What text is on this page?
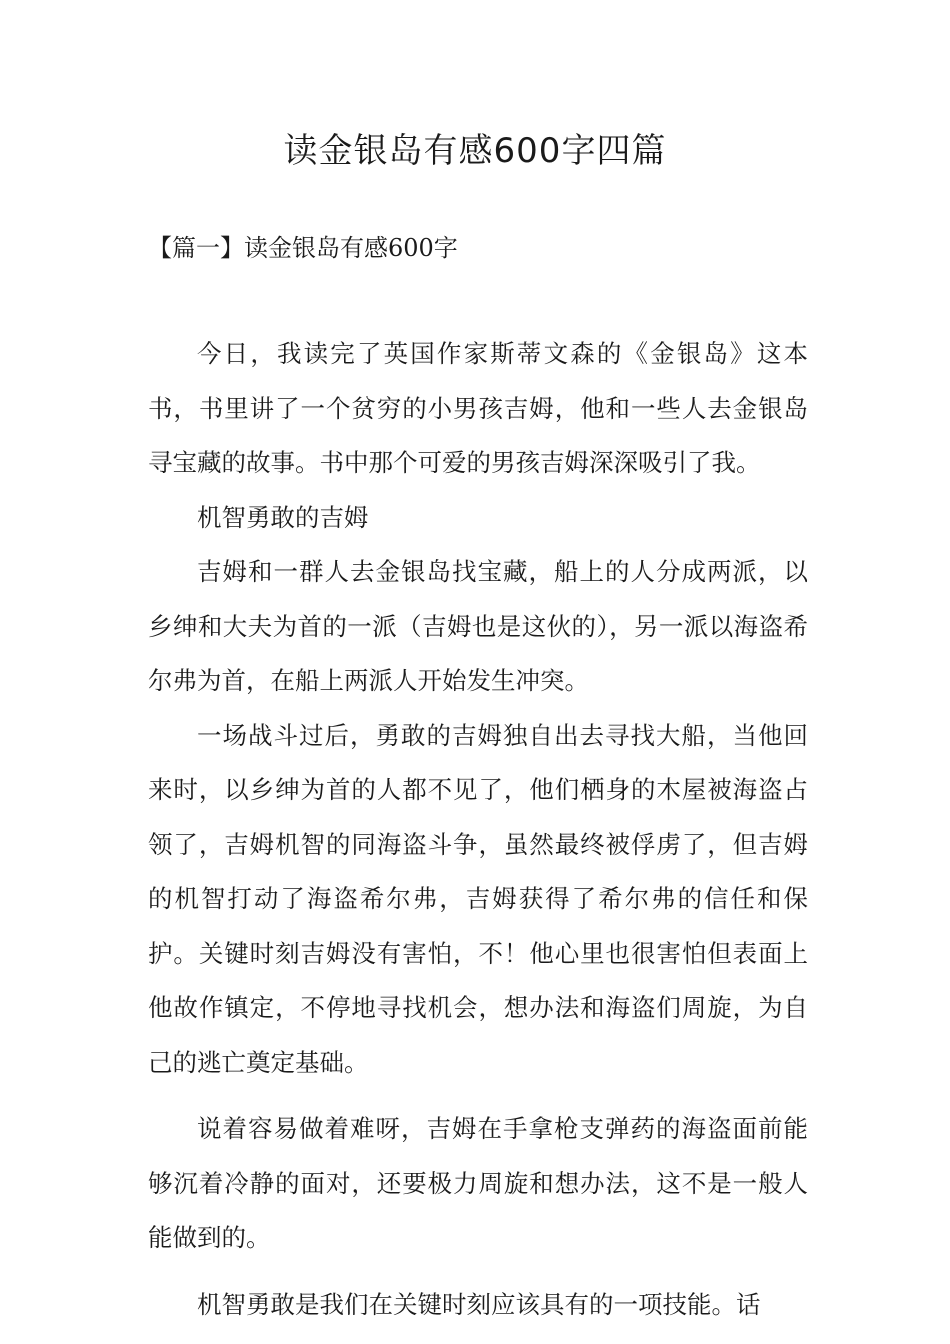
读金银岛有感600字四篇
【篇一】读金银岛有感600字

今日，我读完了英国作家斯蒂文森的《金银岛》这本书，书里讲了一个贫穷的小男孩吉姆，他和一些人去金银岛寻宝藏的故事。书中那个可爱的男孩吉姆深深吸引了我。

机智勇敢的吉姆

吉姆和一群人去金银岛找宝藏，船上的人分成两派，以乡绅和大夫为首的一派（吉姆也是这伙的），另一派以海盗希尔弗为首，在船上两派人开始发生冲突。

一场战斗过后，勇敢的吉姆独自出去寻找大船，当他回来时，以乡绅为首的人都不见了，他们栖身的木屋被海盗占领了，吉姆机智的同海盗斗争，虽然最终被俘虏了，但吉姆的机智打动了海盗希尔弗，吉姆获得了希尔弗的信任和保护。关键时刻吉姆没有害怕，不！他心里也很害怕但表面上他故作镇定，不停地寻找机会，想办法和海盗们周旋，为自己的逃亡奠定基础。

说着容易做着难呀，吉姆在手拿枪支弹药的海盗面前能够沉着冷静的面对，还要极力周旋和想办法，这不是一般人能做到的。

机智勇敢是我们在关键时刻应该具有的一项技能。话
